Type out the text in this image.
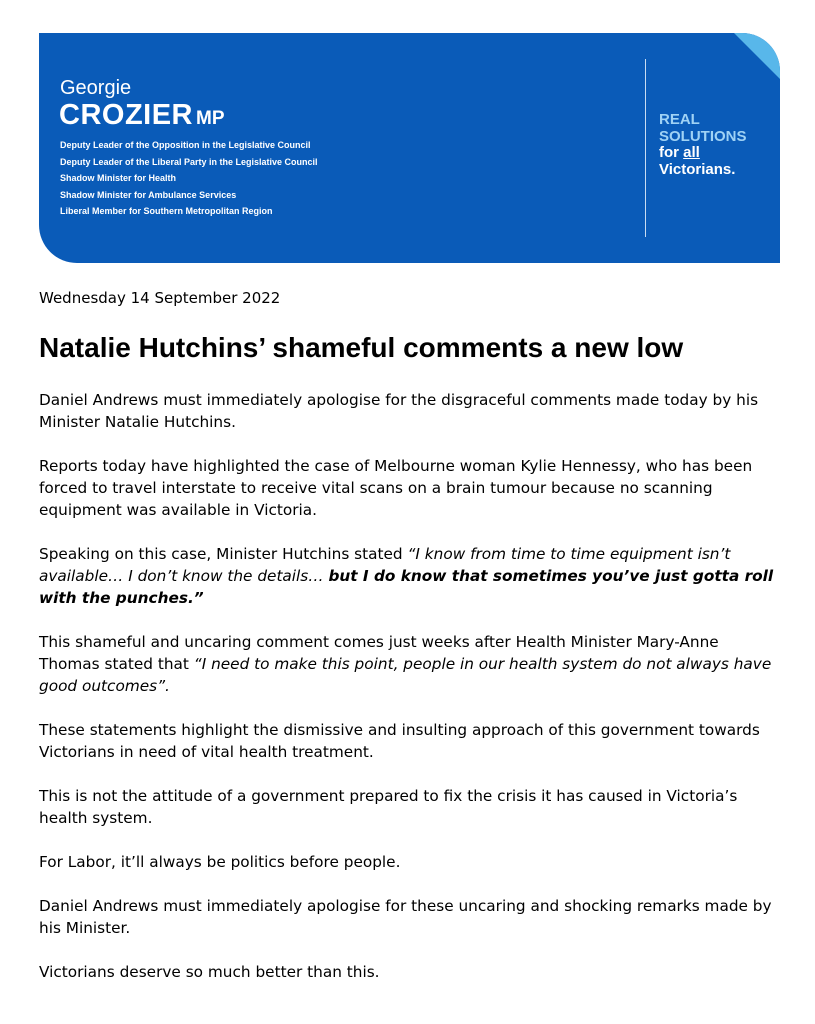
Georgie
CROZIER MP
Deputy Leader of the Opposition in the Legislative Council
Deputy Leader of the Liberal Party in the Legislative Council
Shadow Minister for Health
Shadow Minister for Ambulance Services
Liberal Member for Southern Metropolitan Region
REAL
SOLUTIONS
for all
Victorians.
Wednesday 14 September 2022
Natalie Hutchins’ shameful comments a new low

Daniel Andrews must immediately apologise for the disgraceful comments made today by his Minister Natalie Hutchins.

Reports today have highlighted the case of Melbourne woman Kylie Hennessy, who has been forced to travel interstate to receive vital scans on a brain tumour because no scanning equipment was available in Victoria.

Speaking on this case, Minister Hutchins stated “I know from time to time equipment isn’t available… I don’t know the details… but I do know that sometimes you’ve just gotta roll with the punches.”

This shameful and uncaring comment comes just weeks after Health Minister Mary-Anne Thomas stated that “I need to make this point, people in our health system do not always have good outcomes”.

These statements highlight the dismissive and insulting approach of this government towards Victorians in need of vital health treatment.

This is not the attitude of a government prepared to fix the crisis it has caused in Victoria’s health system.

For Labor, it’ll always be politics before people.

Daniel Andrews must immediately apologise for these uncaring and shocking remarks made by his Minister.

Victorians deserve so much better than this.
